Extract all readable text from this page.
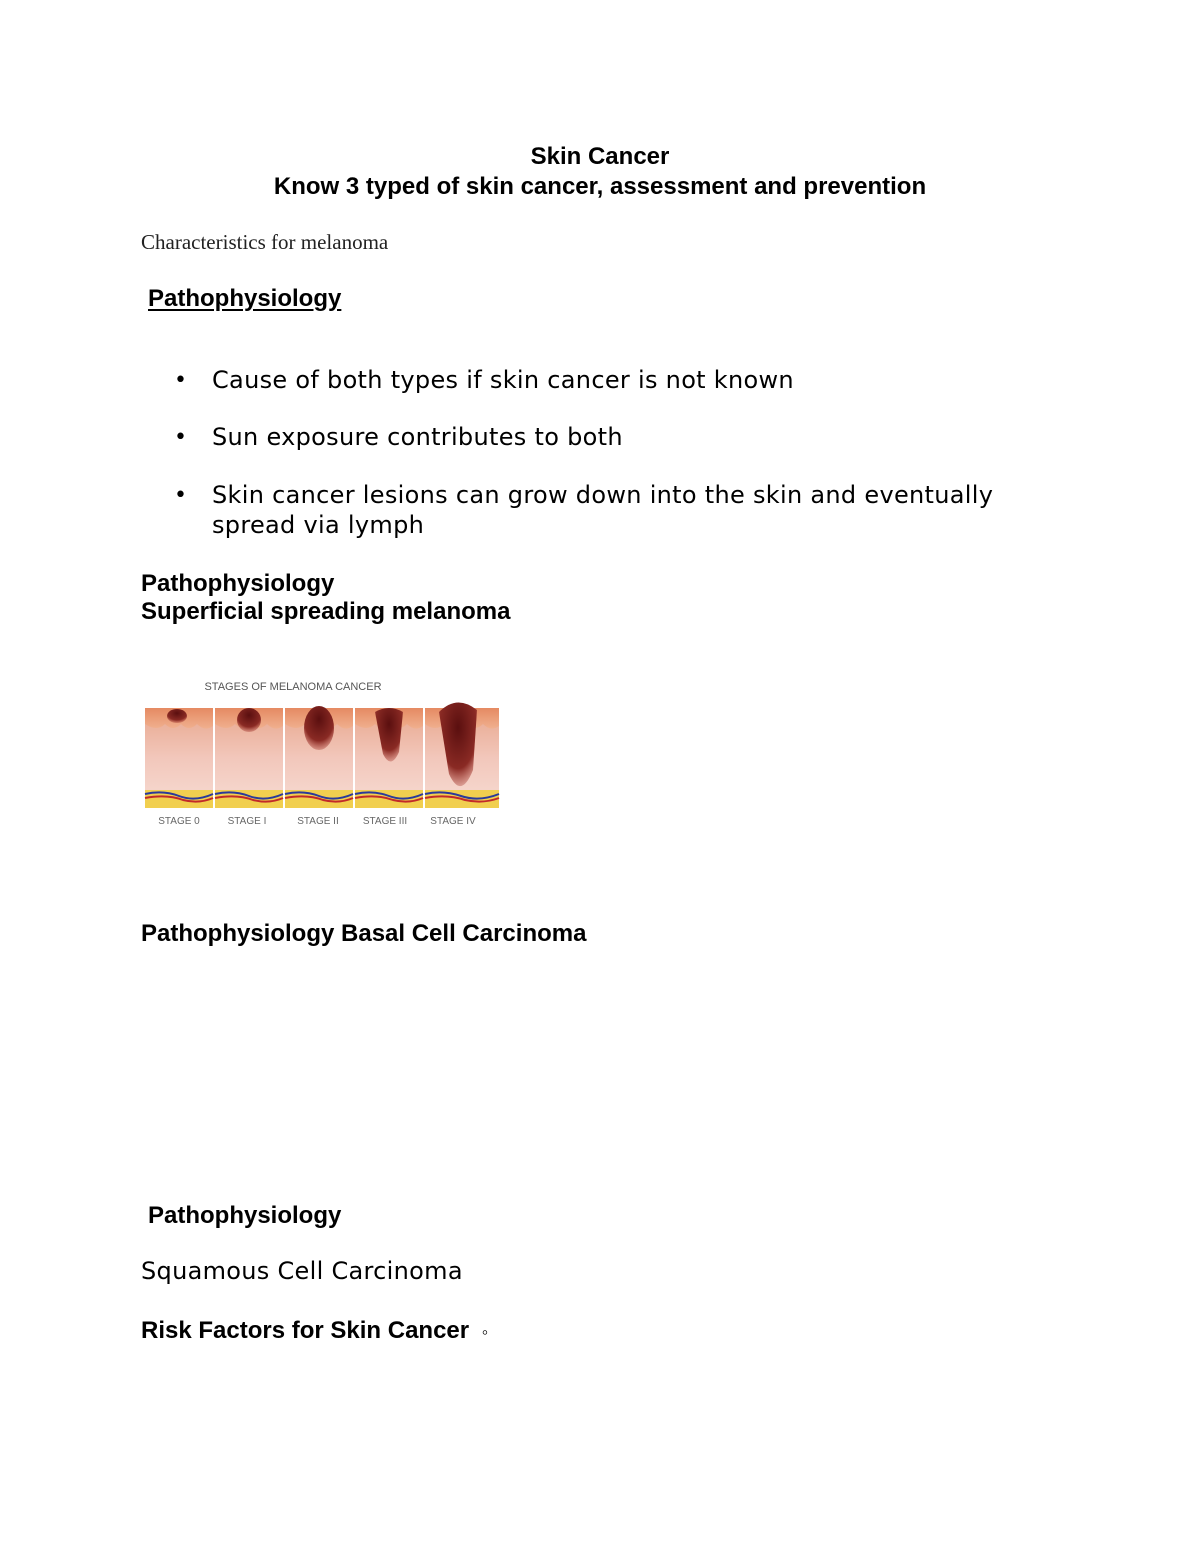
Skin Cancer
Know 3 typed of skin cancer, assessment and prevention
Characteristics for melanoma
Pathophysiology
• Cause of both types if skin cancer is not known
• Sun exposure contributes to both
• Skin cancer lesions can grow down into the skin and eventually
spread via lymph
Pathophysiology
Superficial spreading melanoma
STAGES OF MELANOMA CANCER
STAGE 0	STAGE I	STAGE II STAGE III STAGE IV
Pathophysiology Basal Cell Carcinoma
Pathophysiology
Squamous Cell Carcinoma
Risk Factors for Skin Cancer ◦
